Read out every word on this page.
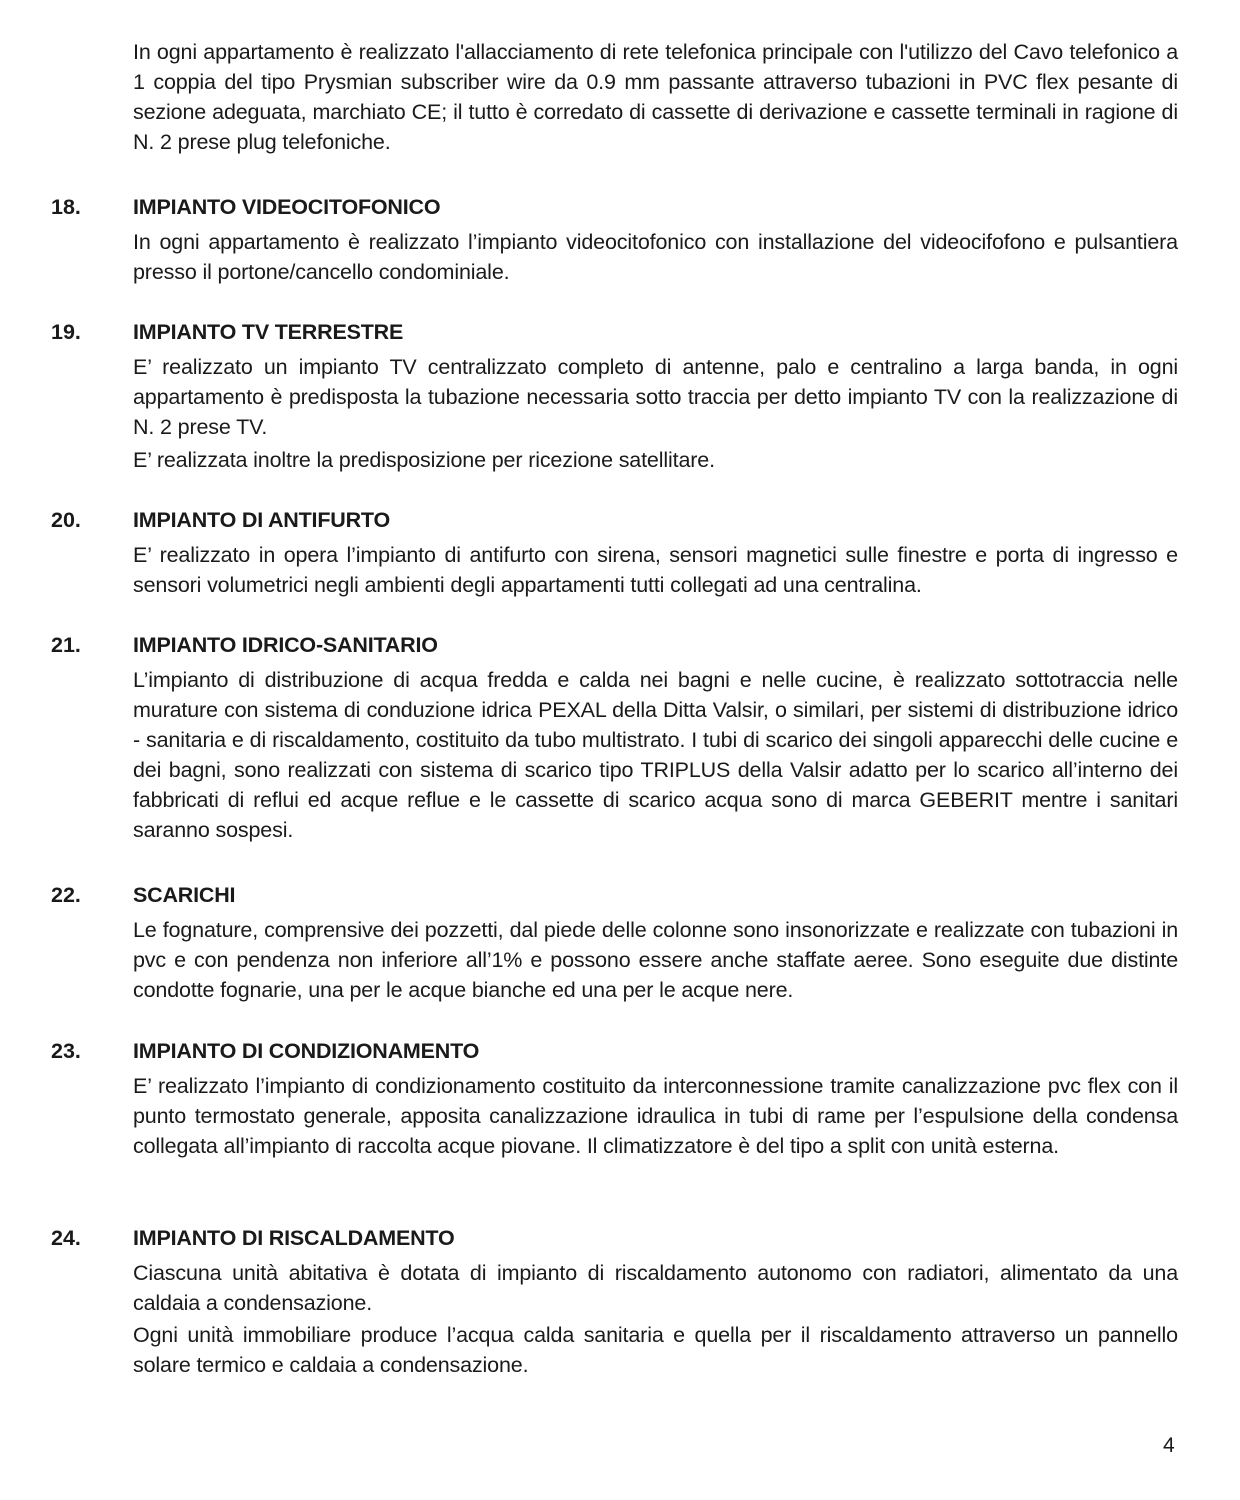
In ogni appartamento è realizzato l'allacciamento di rete telefonica principale con l'utilizzo del Cavo telefonico a 1 coppia del tipo Prysmian subscriber wire da 0.9 mm passante attraverso tubazioni in PVC flex pesante di sezione adeguata, marchiato CE; il tutto è corredato di cassette di derivazione e cassette terminali in ragione di N. 2 prese plug telefoniche.

18. IMPIANTO VIDEOCITOFONICO

In ogni appartamento è realizzato l’impianto videocitofonico con installazione del videocifofono e pulsantiera presso il portone/cancello condominiale.

19. IMPIANTO TV TERRESTRE

E’ realizzato un impianto TV centralizzato completo di antenne, palo e centralino a larga banda, in ogni appartamento è predisposta la tubazione necessaria sotto traccia per detto impianto TV con la realizzazione di N. 2 prese TV.

E’ realizzata inoltre la predisposizione per ricezione satellitare.

20. IMPIANTO DI ANTIFURTO

E’ realizzato in opera l’impianto di antifurto con sirena, sensori magnetici sulle finestre e porta di ingresso e sensori volumetrici negli ambienti degli appartamenti tutti collegati ad una centralina.

21. IMPIANTO IDRICO-SANITARIO

L’impianto di distribuzione di acqua fredda e calda nei bagni e nelle cucine, è realizzato sottotraccia nelle murature con sistema di conduzione idrica PEXAL della Ditta Valsir, o similari, per sistemi di distribuzione idrico - sanitaria e di riscaldamento, costituito da tubo multistrato. I tubi di scarico dei singoli apparecchi delle cucine e dei bagni, sono realizzati con sistema di scarico tipo TRIPLUS della Valsir adatto per lo scarico all’interno dei fabbricati di reflui ed acque reflue e le cassette di scarico acqua sono di marca GEBERIT mentre i sanitari saranno sospesi.

22. SCARICHI

Le fognature, comprensive dei pozzetti, dal piede delle colonne sono insonorizzate e realizzate con tubazioni in pvc e con pendenza non inferiore all’1% e possono essere anche staffate aeree. Sono eseguite due distinte condotte fognarie, una per le acque bianche ed una per le acque nere.

23. IMPIANTO DI CONDIZIONAMENTO

E’ realizzato l’impianto di condizionamento costituito da interconnessione tramite canalizzazione pvc flex con il punto termostato generale, apposita canalizzazione idraulica in tubi di rame per l’espulsione della condensa collegata all’impianto di raccolta acque piovane. Il climatizzatore è del tipo a split con unità esterna.

24. IMPIANTO DI RISCALDAMENTO

Ciascuna unità abitativa è dotata di impianto di riscaldamento autonomo con radiatori, alimentato da una caldaia a condensazione.

Ogni unità immobiliare produce l’acqua calda sanitaria e quella per il riscaldamento attraverso un pannello solare termico e caldaia a condensazione.

4
